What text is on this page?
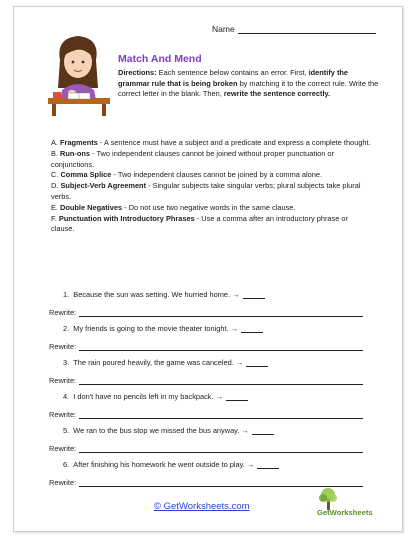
Name
Match And Mend
Directions: Each sentence below contains an error. First, identify the grammar rule that is being broken by matching it to the correct rule. Write the correct letter in the blank. Then, rewrite the sentence correctly.

A. Fragments - A sentence must have a subject and a predicate and express a complete thought.

B. Run-ons - Two independent clauses cannot be joined without proper punctuation or conjunctions.

C. Comma Splice - Two independent clauses cannot be joined by a comma alone.

D. Subject-Verb Agreement - Singular subjects take singular verbs; plural subjects take plural verbs.

E. Double Negatives - Do not use two negative words in the same clause.

F. Punctuation with Introductory Phrases - Use a comma after an introductory phrase or clause.

1.
Because the sun was setting. We hurried home. →
Rewrite:
2.
My friends is going to the movie theater tonight. →
Rewrite:
3.
The rain poured heavily, the game was canceled. →
Rewrite:
4.
I don't have no pencils left in my backpack. →
Rewrite:
5.
We ran to the bus stop we missed the bus anyway. →
Rewrite:
6.
After finishing his homework he went outside to play. →
Rewrite:
© GetWorksheets.com
GetWorksheets
